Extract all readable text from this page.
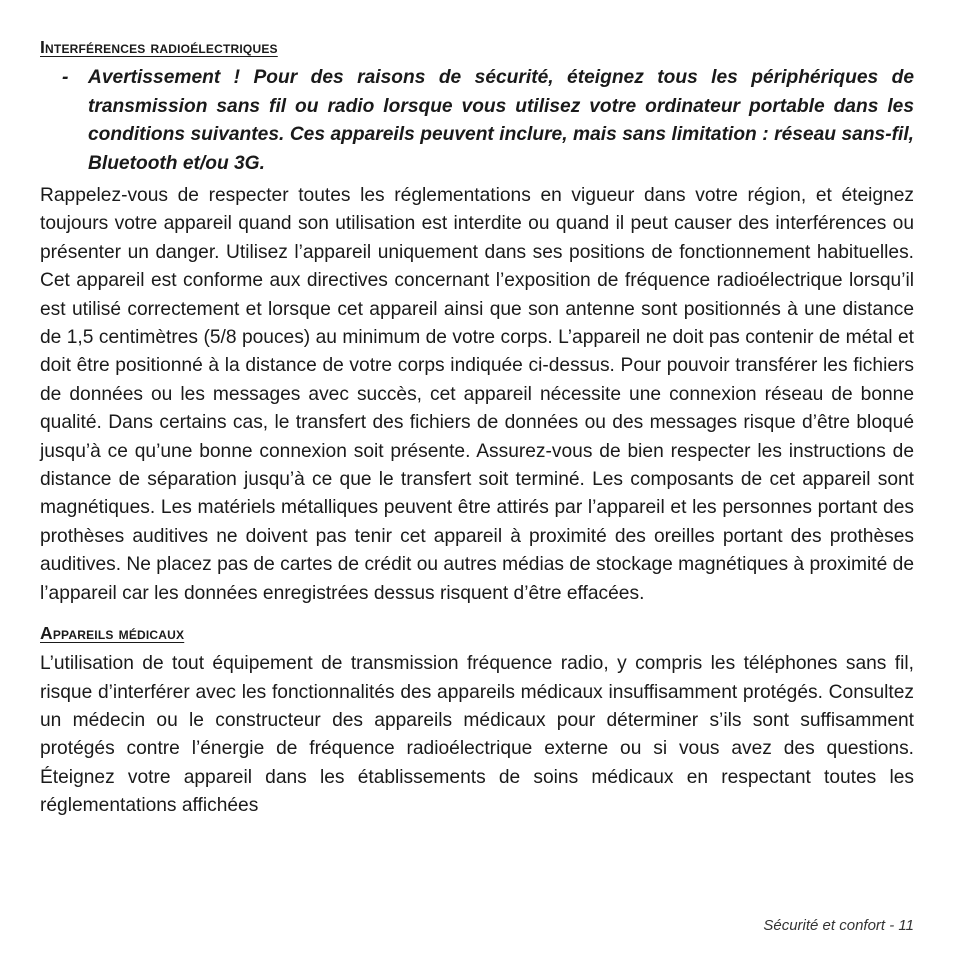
Interférences radioélectriques
-	Avertissement ! Pour des raisons de sécurité, éteignez tous les périphériques de transmission sans fil ou radio lorsque vous utilisez votre ordinateur portable dans les conditions suivantes. Ces appareils peuvent inclure, mais sans limitation : réseau sans-fil, Bluetooth et/ou 3G.

Rappelez-vous de respecter toutes les réglementations en vigueur dans votre région, et éteignez toujours votre appareil quand son utilisation est interdite ou quand il peut causer des interférences ou présenter un danger. Utilisez l’appareil uniquement dans ses positions de fonctionnement habituelles. Cet appareil est conforme aux directives concernant l’exposition de fréquence radioélectrique lorsqu’il est utilisé correctement et lorsque cet appareil ainsi que son antenne sont positionnés à une distance de 1,5 centimètres (5/8 pouces) au minimum de votre corps. L’appareil ne doit pas contenir de métal et doit être positionné à la distance de votre corps indiquée ci-dessus. Pour pouvoir transférer les fichiers de données ou les messages avec succès, cet appareil nécessite une connexion réseau de bonne qualité. Dans certains cas, le transfert des fichiers de données ou des messages risque d’être bloqué jusqu’à ce qu’une bonne connexion soit présente. Assurez-vous de bien respecter les instructions de distance de séparation jusqu’à ce que le transfert soit terminé. Les composants de cet appareil sont magnétiques. Les matériels métalliques peuvent être attirés par l’appareil et les personnes portant des prothèses auditives ne doivent pas tenir cet appareil à proximité des oreilles portant des prothèses auditives. Ne placez pas de cartes de crédit ou autres médias de stockage magnétiques à proximité de l’appareil car les données enregistrées dessus risquent d’être effacées.

Appareils médicaux

L’utilisation de tout équipement de transmission fréquence radio, y compris les téléphones sans fil, risque d’interférer avec les fonctionnalités des appareils médicaux insuffisamment protégés. Consultez un médecin ou le constructeur des appareils médicaux pour déterminer s’ils sont suffisamment protégés contre l’énergie de fréquence radioélectrique externe ou si vous avez des questions. Éteignez votre appareil dans les établissements de soins médicaux en respectant toutes les réglementations affichées

Sécurité et confort - 11
